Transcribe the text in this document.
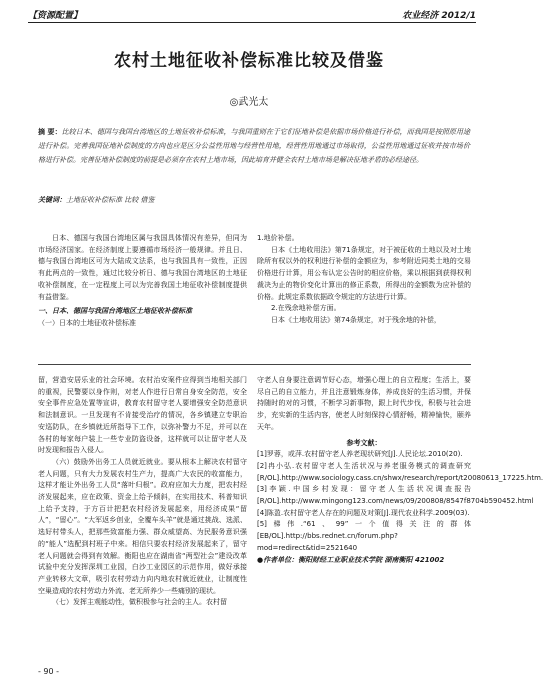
【资源配置】	农业经济 2012/1
农村土地征收补偿标准比较及借鉴
◎武光太
摘 要：比较日本、德国与我国台湾地区的土地征收补偿标准，与我国重则在于它们征地补偿是依据市场价格进行补偿，而我国是按照原用途进行补偿。完善我国征地补偿制度的方向也应是区分公益性用地与经营性用地，经营性用地通过市场取得，公益性用地通过征收并按市场价格进行补偿。完善征地补偿制度的前提是必须存在农村土地市场，因此培育并健全农村土地市场是解决征地矛盾的必经途径。
关键词：土地征收补偿标准 比较 借鉴

日本、德国与我国台湾地区属与我国具体情况有差异，但同为市场经济国家。在经济制度上要遵循市场经济一般规律。并且日、德与我国台湾地区可为大陆成文法系，也与我国具有一致性，正因有此两点的一致性，通过比较分析日、德与我国台湾地区的土地征收补偿制度，在一定程度上可以为完善我国土地征收补偿制度提供有益借鉴。

一、日本、德国与我国台湾地区土地征收补偿标准

（一）日本的土地征收补偿标准

1.地价补偿。

日本《土地收用法》第71条规定，对于被征收的土地以及对土地除所有权以外的权利进行补偿的金额应为，参考附近同类土地的交易价格进行计算，用公布认定公告时的相应价格，乘以根据到获得权利裁决为止的物价变化计算出的修正系数，所得出的金额数为应补偿的价格。此规定系数依据政令规定的方法进行计算。

2.在残余地补偿方面。

日本《土地收用法》第74条规定，对于残余地的补偿，

留，营造安居乐业的社会环境。农村治安案件应得到当地相关部门的重视，民警要以身作则，对老人作进行日常自身安全防范，安全安全事件应急处置等宣讲，教育农村留守老人要增强安全防范意识和法制意识。一旦发现有不肯接受治疗的情况，各乡镇建立专职治安巡防队，在乡镇就近所指导下工作，以弥补警力不足，并可以在各村的每家每户装上一些专业防盗设备，这样就可以让留守老人及时发现和报告入侵人。

（六）鼓励外出务工人员就近就业。要从根本上解决农村留守老人问题，只有大力发展农村生产力，提高广大农民的收富能力，这样才能让外出务工人员“落叶归根”。政府应加大力度，把农村经济发展起来，应在政策、资金上给予倾斜，在实用技术、科普知识上给予支持，于方百计把把农村经济发展起来，用经济成果“留人”，“留心”。“大军返乡创业，全覆车头羊”就是通过挑战、选派、选好村带头人，把那些致富能力强、群众威望高、为民服务意识强的“能人”选配到村班子中来。相信只要农村经济发展起来了，留守老人问题就会得到有效解。衡阳也应在湖南省“两型社会”建设改革试验中充分发挥深圳工业园，白沙工业园区的示范作用，做好承接产业转移大文章，吸引农村劳动力向内地农村就近就业，让制度性空巢造成的农村劳动力外流、老无所养少一些痛别的现状。

（七）发挥主观能动性，做积极参与社会的主人。农村留

守老人自身要注意调节好心态，增强心理上的自立程度；生活上，要尽自己的自立能力，并且注意锻炼身体，养成良好的生活习惯，并保持随时的对的习惯，不断学习新事物，跟上时代步伐，积极与社会进步，充实新的生活内容，使老人时刻保持心情舒畅，精神愉快，颐养天年。

参考文献：

[1]罗蓉，或萍.农村留守老人养老现状研究[J].人民论坛.2010(20).

[2]冉小弘.农村留守老人生活状况与养老服务模式的调查研究[R/OL].http://www.sociology.cass.cn/shwx/research/report/t20080613_17225.htm.

[3]李颖.中国乡村发现：留守老人生活状况调查报告[R/OL].http://www.mingong123.com/news/09/200808/8547f8704b590452.html

[4]陈盈.农村留守老人存在的问题及对策[J].现代农业科学.2009(03).

[5]梯伟.“61、99”一个值得关注的群体[EB/OL].http://bbs.rednet.cn/forum.php?mod=redirect&tid=2521640

●作者单位：衡阳财经工业职业技术学院 湖南衡阳 421002

- 90 -
